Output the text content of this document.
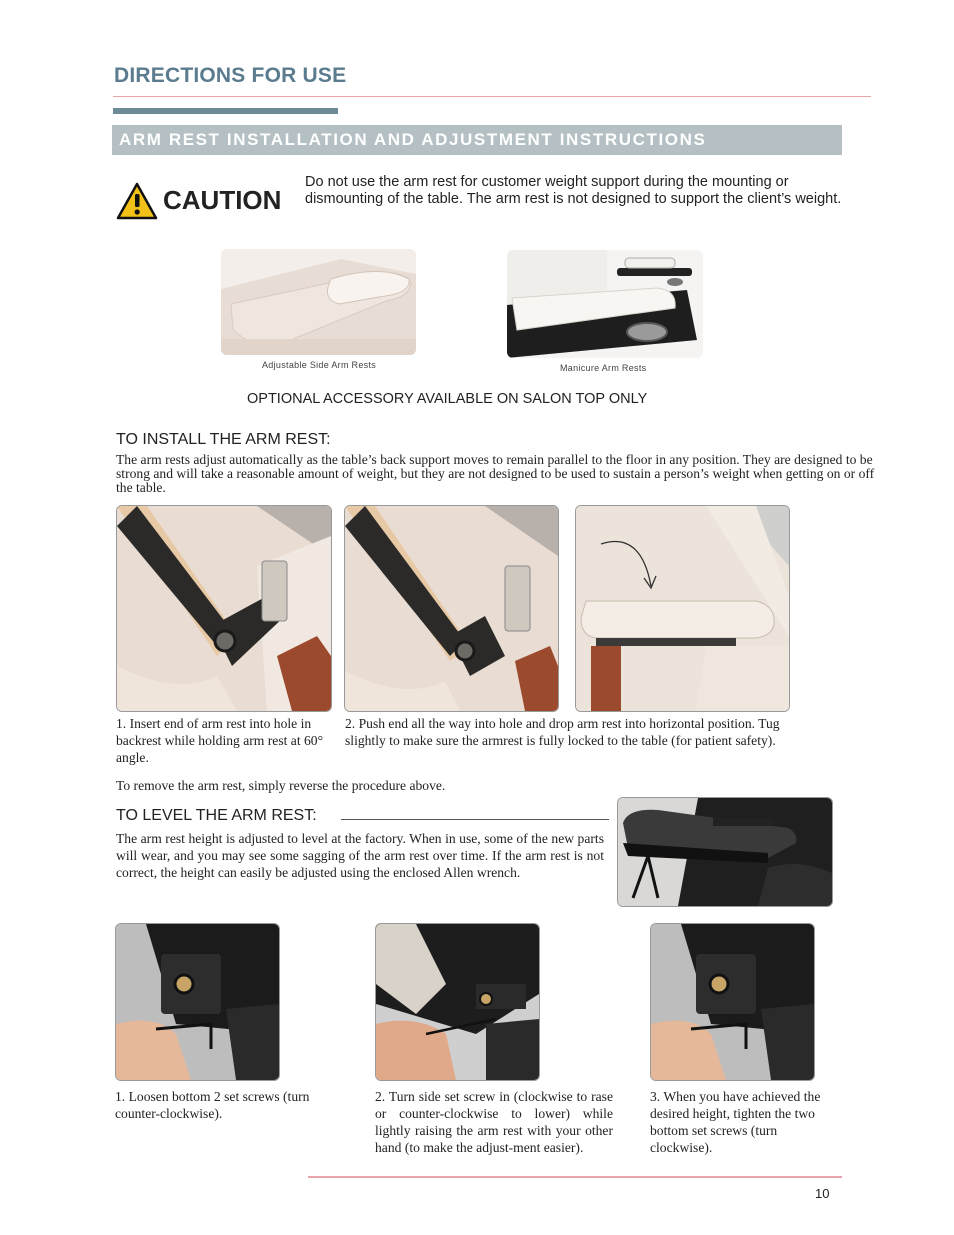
DIRECTIONS FOR USE
ARM REST INSTALLATION AND ADJUSTMENT INSTRUCTIONS
CAUTION
Do not use the arm rest for customer weight support during the mounting or dismounting of the table. The arm rest is not designed to support the client’s weight.
Adjustable Side Arm Rests	Manicure Arm Rests
OPTIONAL ACCESSORY AVAILABLE ON SALON TOP ONLY
TO INSTALL THE ARM REST:
The arm rests adjust automatically as the table’s back support moves to remain parallel to the floor in any position. They are designed to be strong and will take a reasonable amount of weight, but they are not designed to be used to sustain a person’s weight when getting on or off the table.
1. Insert end of arm rest into hole in backrest while holding arm rest at 60° angle.
2. Push end all the way into hole and drop arm rest into horizontal position. Tug slightly to make sure the armrest is fully locked to the table (for patient safety).
To remove the arm rest, simply reverse the procedure above.
TO LEVEL THE ARM REST:
The arm rest height is adjusted to level at the factory. When in use, some of the new parts will wear, and you may see some sagging of the arm rest over time. If the arm rest is not correct, the height can easily be adjusted using the enclosed Allen wrench.
1. Loosen bottom 2 set screws (turn counter-clockwise).
2. Turn side set screw in (clockwise to rase or counter-clockwise to lower) while lightly raising the arm rest with your other hand (to make the adjust-ment easier).
3. When you have achieved the desired height, tighten the two bottom set screws (turn clockwise).
10
